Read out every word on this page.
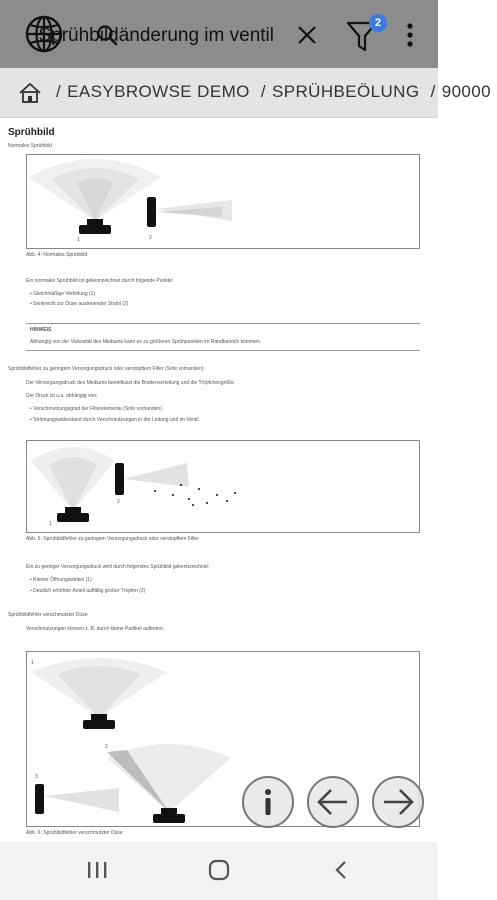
Sprühbildänderung im ventil
2
/ EASYBROWSE DEMO / SPRÜHBEÖLUNG / 90000
Sprühbild
Normales Sprühbild
1	2
Abb. 4: Normales Sprühbild
Ein normales Sprühbild ist gekennzeichnet durch folgende Punkte:
• Gleichmäßige Verteilung (1)
• Senkrecht zur Düse austretender Strahl (2)
HINWEIS
Abhängig von der Viskosität des Mediums kann es zu größeren Sprühpunkten im Randbereich kommen.
Sprühbildfehler zu geringem Versorgungsdruck oder verstopftem Filter (Sofe vorhanden)
Der Versorgungsdruck des Mediums beeinflusst die Bruttenverteilung und die Tröpfchengröße.
Der Druck ist u.a. abhängig von:
• Verschmutzungsgrad der Filterelemente (Sofe vorhanden)
• Strömungswiderstand durch Verschmutzungen in der Leitung und im Ventil.
1
2
Abb. 5: Sprühbildfehler zu geringem Versorgungsdruck oder verstopftem Filter
Ein zu geringer Versorgungsdruck wird durch folgendes Sprühbild gekennzeichnet:
• Kleiner Öffnungswinkel (1)
• Deutlich erhöhter Anteil auffällig großer Tropfen (2)
Sprühbildfehler verschmutzter Düse
Verschmutzungen können z. B. durch kleine Partikel auftreten.
1
2
3
Abb. 6: Sprühbildfehler verschmutzter Düse
